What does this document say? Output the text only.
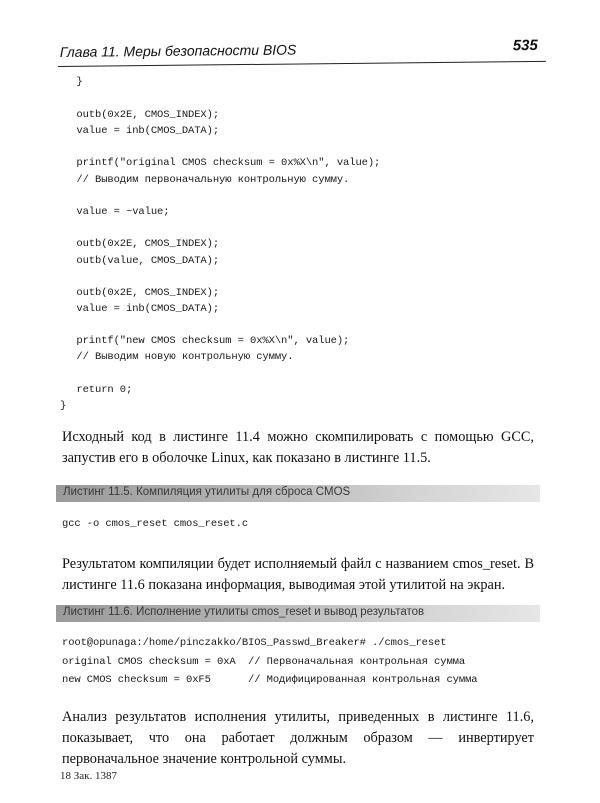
Глава 11. Меры безопасности BIOS	535
}
outb(0x2E, CMOS_INDEX);
value = inb(CMOS_DATA);
printf("original CMOS checksum = 0x%X\n", value);
// Выводим первоначальную контрольную сумму.
value = ~value;
outb(0x2E, CMOS_INDEX);
outb(value, CMOS_DATA);
outb(0x2E, CMOS_INDEX);
value = inb(CMOS_DATA);
printf("new CMOS checksum = 0x%X\n", value);
// Выводим новую контрольную сумму.
return 0;
}
Исходный код в листинге 11.4 можно скомпилировать с помощью GCC, запустив его в оболочке Linux, как показано в листинге 11.5.
Листинг 11.5. Компиляция утилиты для сброса CMOS
gcc -o cmos_reset cmos_reset.c
Результатом компиляции будет исполняемый файл с названием cmos_reset. В листинге 11.6 показана информация, выводимая этой утилитой на экран.
Листинг 11.6. Исполнение утилиты cmos_reset и вывод результатов
root@opunaga:/home/pinczakko/BIOS_Passwd_Breaker# ./cmos_reset
original CMOS checksum = 0xA  // Первоначальная контрольная сумма
new CMOS checksum = 0xF5      // Модифицированная контрольная сумма
Анализ результатов исполнения утилиты, приведенных в листинге 11.6, показывает, что она работает должным образом — инвертирует первоначальное значение контрольной суммы.
18 Зак. 1387
